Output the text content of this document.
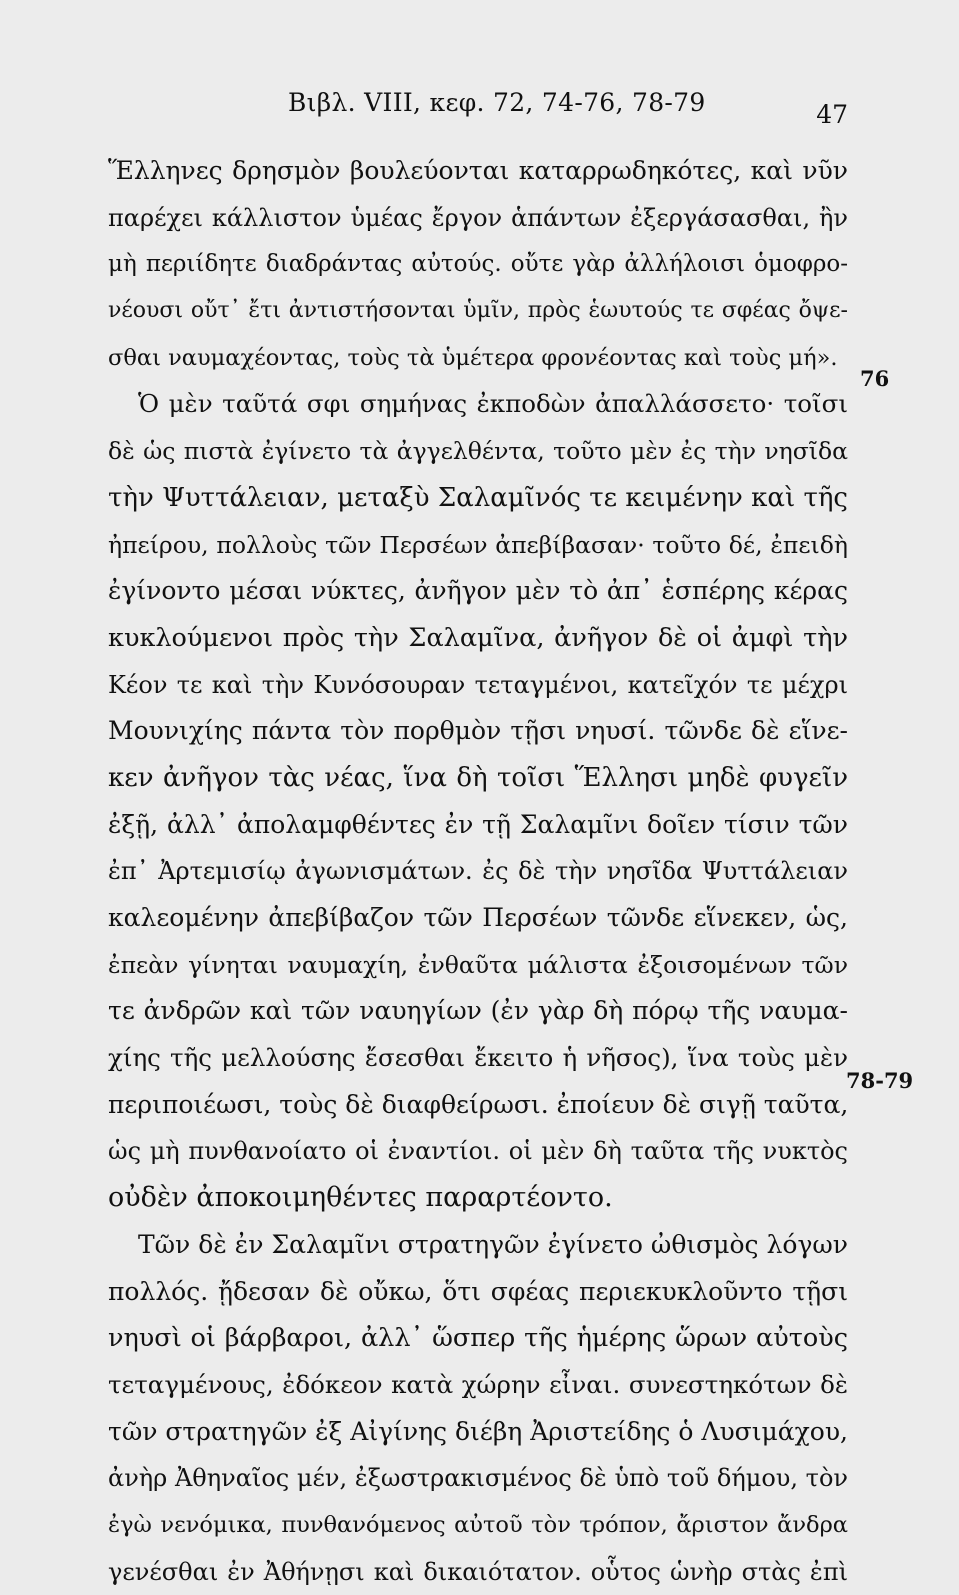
Βιβλ. VIII, κεφ. 72, 74-76, 78-79	47
76
78-79
Ἕλληνες δρησμὸν βουλεύονται καταρρωδηκότες, καὶ νῦν
παρέχει κάλλιστον ὑμέας ἔργον ἁπάντων ἐξεργάσασθαι, ἢν
μὴ περιίδητε διαδράντας αὐτούς. οὔτε γὰρ ἀλλήλοισι ὁμοφρο-
νέουσι οὔτ᾽ ἔτι ἀντιστήσονται ὑμῖν, πρὸς ἑωυτούς τε σφέας ὄψε-
σθαι ναυμαχέοντας, τοὺς τὰ ὑμέτερα φρονέοντας καὶ τοὺς μή».
Ὁ μὲν ταῦτά σφι σημήνας ἐκποδὼν ἀπαλλάσσετο· τοῖσι
δὲ ὡς πιστὰ ἐγίνετο τὰ ἀγγελθέντα, τοῦτο μὲν ἐς τὴν νησῖδα
τὴν Ψυττάλειαν, μεταξὺ Σαλαμῖνός τε κειμένην καὶ τῆς
ἠπείρου, πολλοὺς τῶν Περσέων ἀπεβίβασαν· τοῦτο δέ, ἐπειδὴ
ἐγίνοντο μέσαι νύκτες, ἀνῆγον μὲν τὸ ἀπ᾽ ἑσπέρης κέρας
κυκλούμενοι πρὸς τὴν Σαλαμῖνα, ἀνῆγον δὲ οἱ ἀμφὶ τὴν
Κέον τε καὶ τὴν Κυνόσουραν τεταγμένοι, κατεῖχόν τε μέχρι
Μουνιχίης πάντα τὸν πορθμὸν τῇσι νηυσί. τῶνδε δὲ εἵνε-
κεν ἀνῆγον τὰς νέας, ἵνα δὴ τοῖσι Ἕλλησι μηδὲ φυγεῖν
ἐξῇ, ἀλλ᾽ ἀπολαμφθέντες ἐν τῇ Σαλαμῖνι δοῖεν τίσιν τῶν
ἐπ᾽ Ἀρτεμισίῳ ἀγωνισμάτων. ἐς δὲ τὴν νησῖδα Ψυττάλειαν
καλεομένην ἀπεβίβαζον τῶν Περσέων τῶνδε εἵνεκεν, ὡς,
ἐπεὰν γίνηται ναυμαχίη, ἐνθαῦτα μάλιστα ἐξοισομένων τῶν
τε ἀνδρῶν καὶ τῶν ναυηγίων (ἐν γὰρ δὴ πόρῳ τῆς ναυμα-
χίης τῆς μελλούσης ἔσεσθαι ἔκειτο ἡ νῆσος), ἵνα τοὺς μὲν
περιποιέωσι, τοὺς δὲ διαφθείρωσι. ἐποίευν δὲ σιγῇ ταῦτα,
ὡς μὴ πυνθανοίατο οἱ ἐναντίοι. οἱ μὲν δὴ ταῦτα τῆς νυκτὸς
οὐδὲν ἀποκοιμηθέντες παραρτέοντο.
Τῶν δὲ ἐν Σαλαμῖνι στρατηγῶν ἐγίνετο ὠθισμὸς λόγων
πολλός. ᾔδεσαν δὲ οὔκω, ὅτι σφέας περιεκυκλοῦντο τῇσι
νηυσὶ οἱ βάρβαροι, ἀλλ᾽ ὥσπερ τῆς ἡμέρης ὥρων αὐτοὺς
τεταγμένους, ἐδόκεον κατὰ χώρην εἶναι. συνεστηκότων δὲ
τῶν στρατηγῶν ἐξ Αἰγίνης διέβη Ἀριστείδης ὁ Λυσιμάχου,
ἀνὴρ Ἀθηναῖος μέν, ἐξωστρακισμένος δὲ ὑπὸ τοῦ δήμου, τὸν
ἐγὼ νενόμικα, πυνθανόμενος αὐτοῦ τὸν τρόπον, ἄριστον ἄνδρα
γενέσθαι ἐν Ἀθήνῃσι καὶ δικαιότατον. οὗτος ὡνὴρ στὰς ἐπὶ
